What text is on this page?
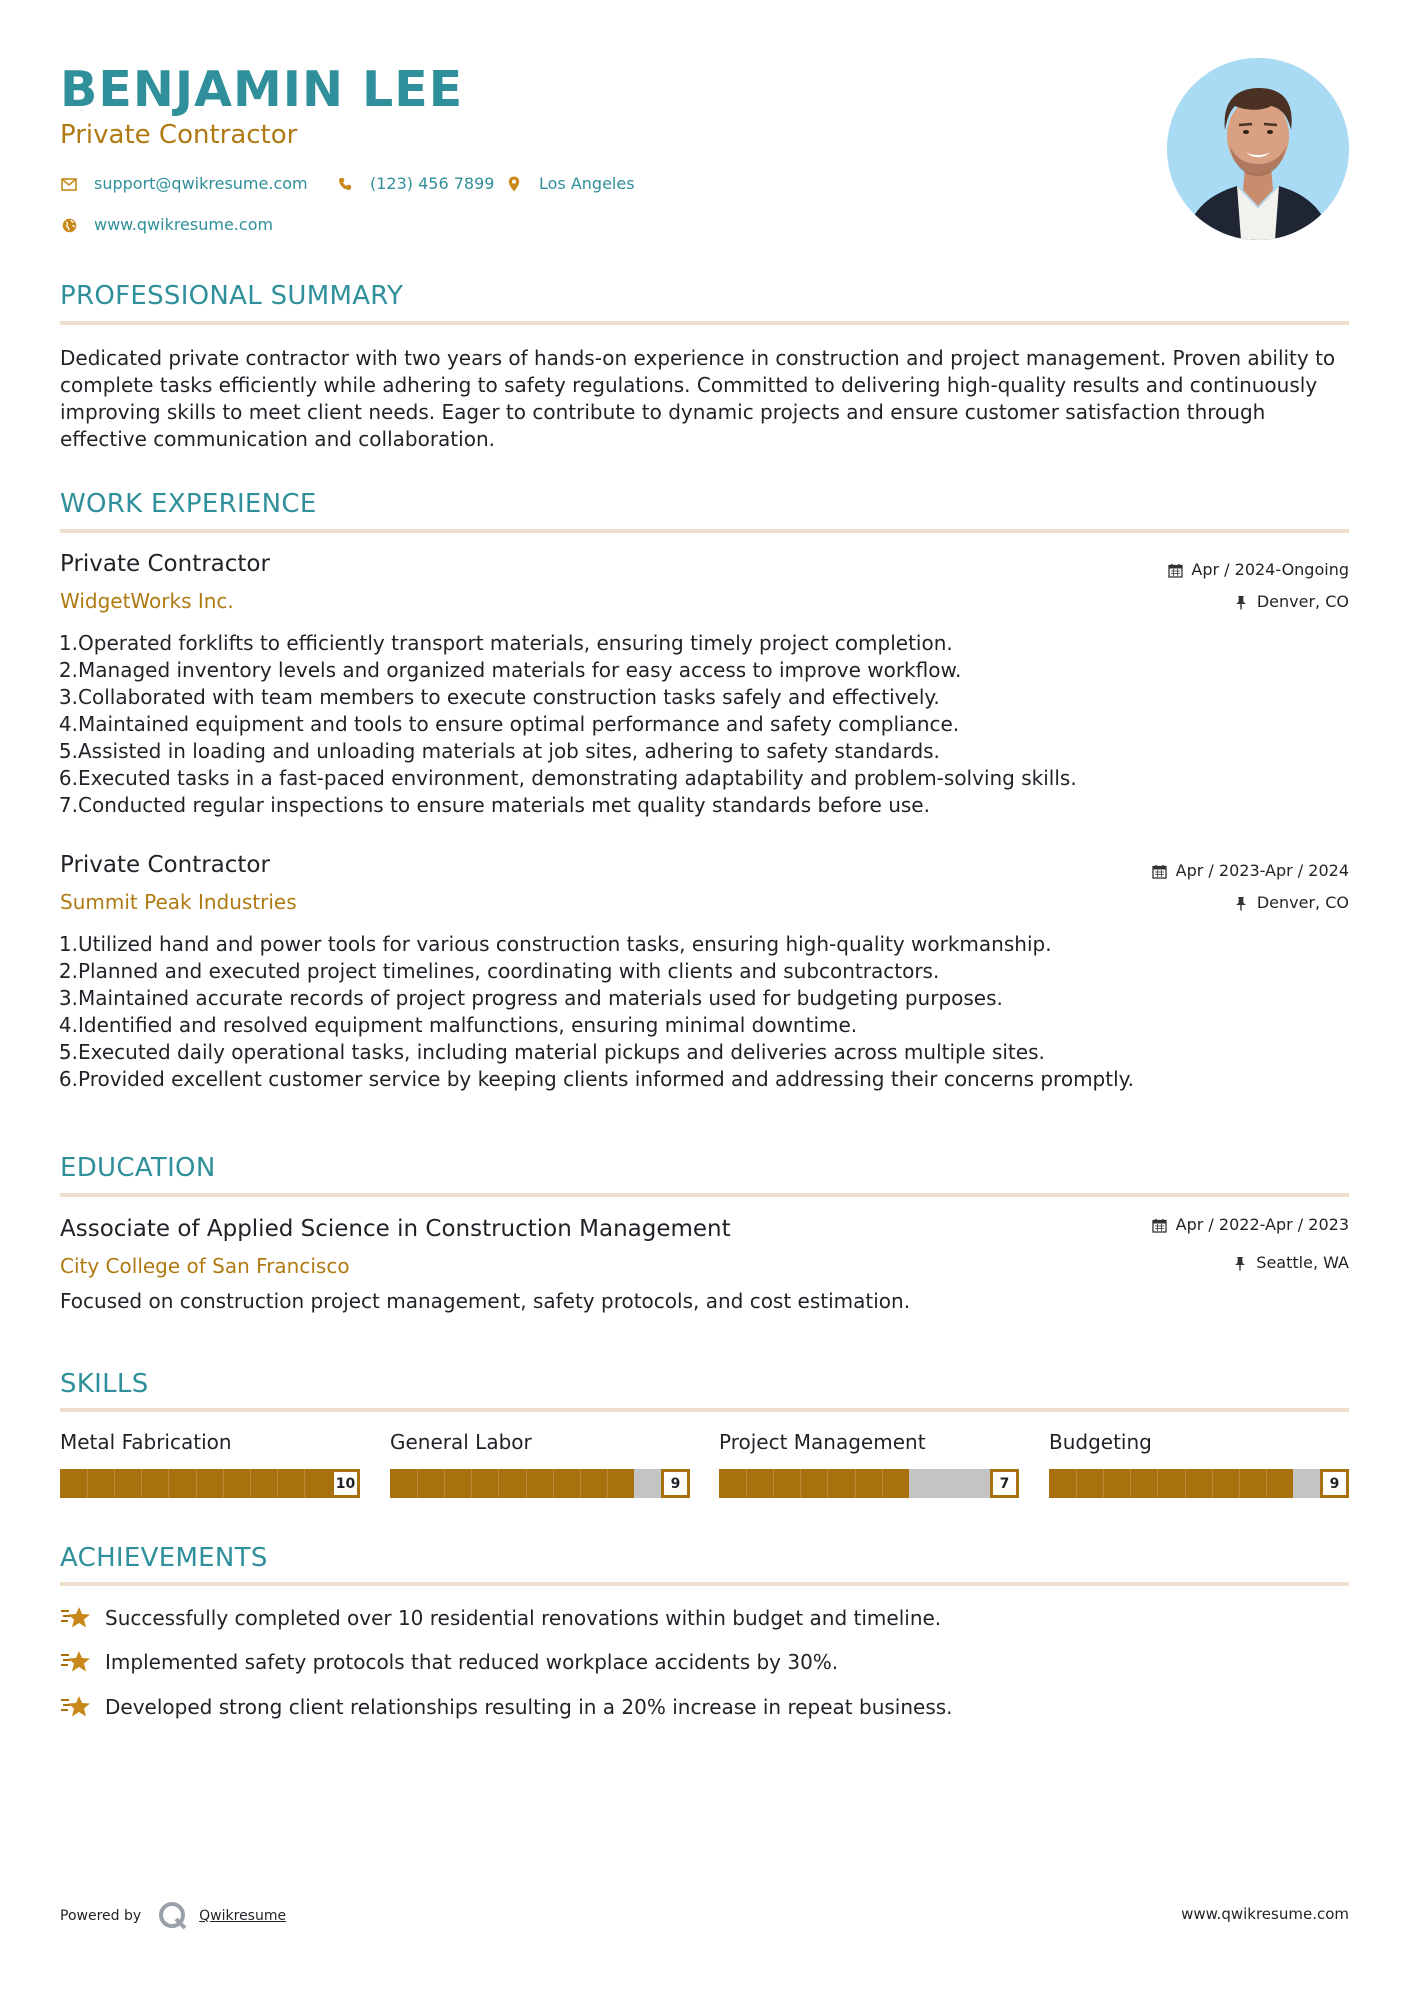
BENJAMIN LEE
Private Contractor
support@qwikresume.com	(123) 456 7899	Los Angeles
www.qwikresume.com
PROFESSIONAL SUMMARY
Dedicated private contractor with two years of hands-on experience in construction and project management. Proven ability to complete tasks efficiently while adhering to safety regulations. Committed to delivering high-quality results and continuously improving skills to meet client needs. Eager to contribute to dynamic projects and ensure customer satisfaction through effective communication and collaboration.
WORK EXPERIENCE
Private Contractor
WidgetWorks Inc.
Apr / 2024-Ongoing
Denver, CO
1. Operated forklifts to efficiently transport materials, ensuring timely project completion.
2. Managed inventory levels and organized materials for easy access to improve workflow.
3. Collaborated with team members to execute construction tasks safely and effectively.
4. Maintained equipment and tools to ensure optimal performance and safety compliance.
5. Assisted in loading and unloading materials at job sites, adhering to safety standards.
6. Executed tasks in a fast-paced environment, demonstrating adaptability and problem-solving skills.
7. Conducted regular inspections to ensure materials met quality standards before use.
Private Contractor
Summit Peak Industries
Apr / 2023-Apr / 2024
Denver, CO
1. Utilized hand and power tools for various construction tasks, ensuring high-quality workmanship.
2. Planned and executed project timelines, coordinating with clients and subcontractors.
3. Maintained accurate records of project progress and materials used for budgeting purposes.
4. Identified and resolved equipment malfunctions, ensuring minimal downtime.
5. Executed daily operational tasks, including material pickups and deliveries across multiple sites.
6. Provided excellent customer service by keeping clients informed and addressing their concerns promptly.
EDUCATION
Associate of Applied Science in Construction Management
City College of San Francisco
Apr / 2022-Apr / 2023
Seattle, WA
Focused on construction project management, safety protocols, and cost estimation.
SKILLS
Metal Fabrication
10
General Labor
9
Project Management
7
Budgeting
9
ACHIEVEMENTS
Successfully completed over 10 residential renovations within budget and timeline.
Implemented safety protocols that reduced workplace accidents by 30%.
Developed strong client relationships resulting in a 20% increase in repeat business.
Powered by	Qwikresume	www.qwikresume.com
